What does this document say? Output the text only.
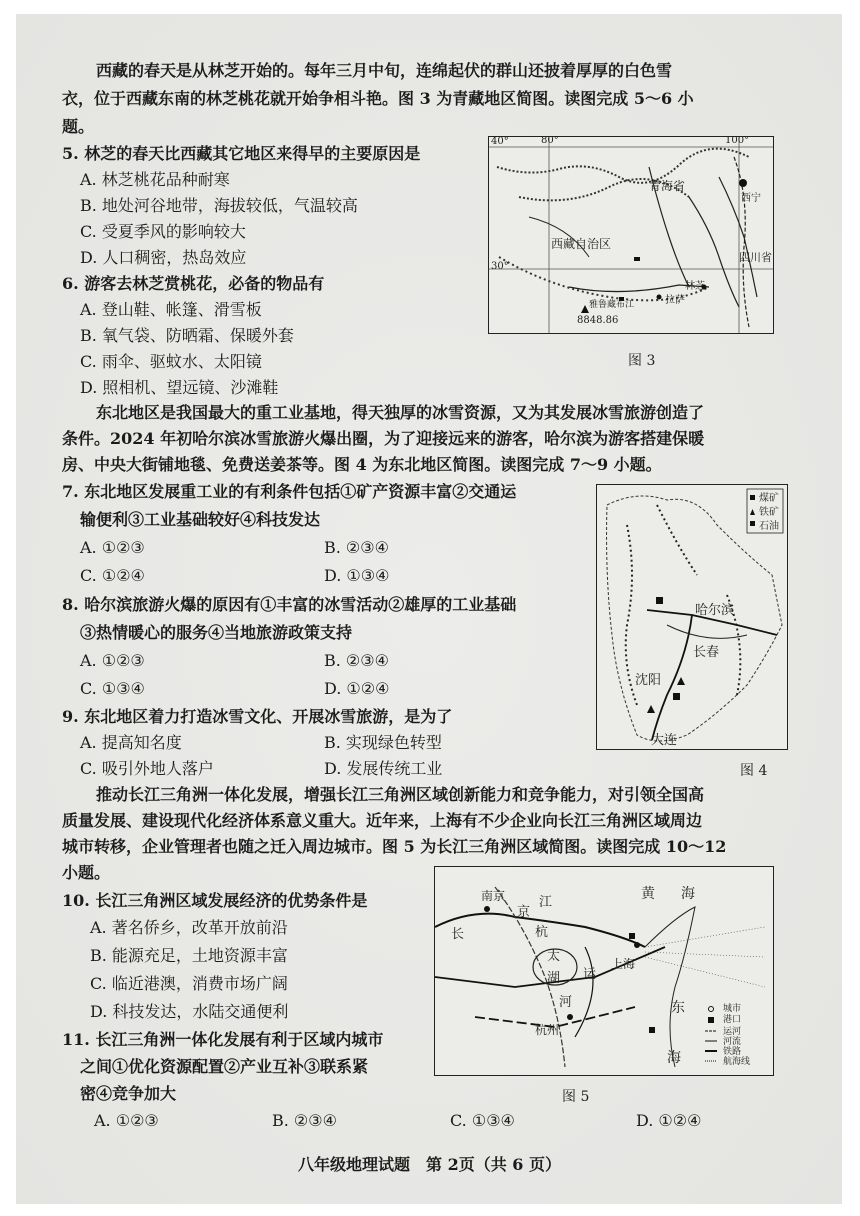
西藏的春天是从林芝开始的。每年三月中旬，连绵起伏的群山还披着厚厚的白色雪
衣，位于西藏东南的林芝桃花就开始争相斗艳。图 3 为青藏地区简图。读图完成 5～6 小
题。
5. 林芝的春天比西藏其它地区来得早的主要原因是
A. 林芝桃花品种耐寒
B. 地处河谷地带，海拔较低，气温较高
C. 受夏季风的影响较大
D. 人口稠密，热岛效应
6. 游客去林芝赏桃花，必备的物品有
A. 登山鞋、帐篷、滑雪板
B. 氧气袋、防晒霜、保暖外套
C. 雨伞、驱蚊水、太阳镜
D. 照相机、望远镜、沙滩鞋
40°	80°	100°
30°
青海省
西宁
西藏自治区
四川省
拉萨
林芝
雅鲁藏布江
8848.86
图 3
东北地区是我国最大的重工业基地，得天独厚的冰雪资源，又为其发展冰雪旅游创造了
条件。2024 年初哈尔滨冰雪旅游火爆出圈，为了迎接远来的游客，哈尔滨为游客搭建保暖
房、中央大街铺地毯、免费送姜茶等。图 4 为东北地区简图。读图完成 7～9 小题。
7. 东北地区发展重工业的有利条件包括①矿产资源丰富②交通运
输便利③工业基础较好④科技发达
A. ①②③	B. ②③④
C. ①②④	D. ①③④
8. 哈尔滨旅游火爆的原因有①丰富的冰雪活动②雄厚的工业基础
③热情暖心的服务④当地旅游政策支持
A. ①②③	B. ②③④
C. ①③④	D. ①②④
9. 东北地区着力打造冰雪文化、开展冰雪旅游，是为了
A. 提高知名度	B. 实现绿色转型
C. 吸引外地人落户	D. 发展传统工业
煤矿
铁矿
石油
哈尔滨
长春
沈阳
大连
图 4
推动长江三角洲一体化发展，增强长江三角洲区域创新能力和竞争能力，对引领全国高
质量发展、建设现代化经济体系意义重大。近年来，上海有不少企业向长江三角洲区域周边
城市转移，企业管理者也随之迁入周边城市。图 5 为长江三角洲区域简图。读图完成 10～12
小题。
10. 长江三角洲区域发展经济的优势条件是
A. 著名侨乡，改革开放前沿
B. 能源充足，土地资源丰富
C. 临近港澳，消费市场广阔
D. 科技发达，水陆交通便利
11. 长江三角洲一体化发展有利于区域内城市
之间①优化资源配置②产业互补③联系紧
密④竞争加大
A. ①②③	B. ②③④	C. ①③④	D. ①②④
南京
上海
杭州
黄 海
东
海
江
长
京
杭
太
湖 运
河	城市
港口
运河
河流
铁路
航海线
图 5
八年级地理试题　第 2页（共 6 页）
